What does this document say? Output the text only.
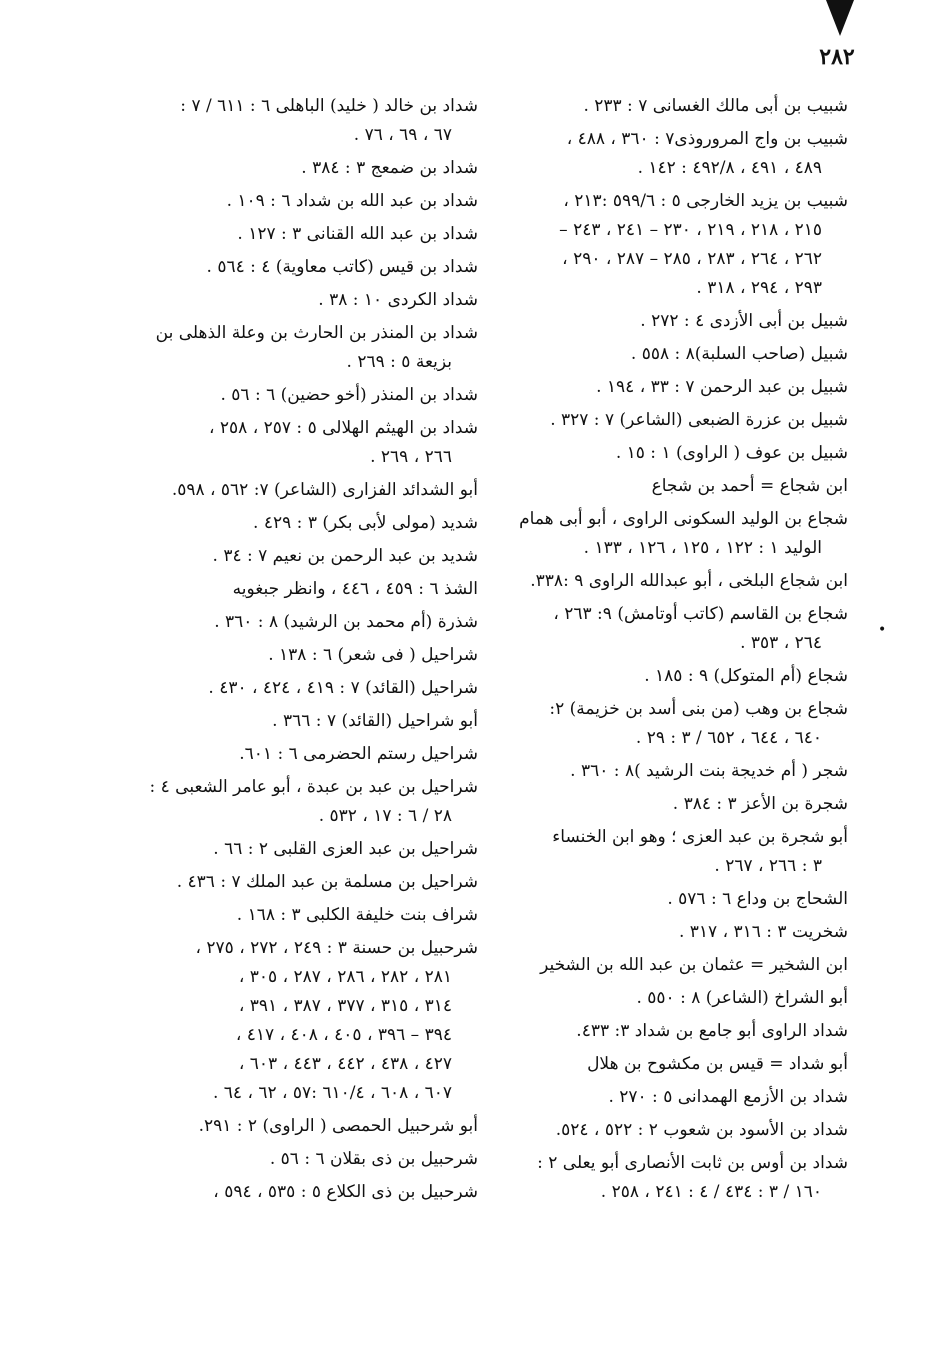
٢٨٢
•
شبيب بن أبى مالك الغسانى ٧ : ٢٣٣ .
شبيب بن واج المروروذى٧ : ٣٦٠ ، ٤٨٨ ،
٤٨٩ ، ٤٩١ ، ٤٩٢/٨ : ١٤٢ .
شبيب بن يزيد الخارجى ٥ : ٥٩٩/٦ :٢١٣ ،
٢١٥ ، ٢١٨ ، ٢١٩ ، ٢٣٠ – ٢٤١ ، ٢٤٣ –
٢٦٢ ، ٢٦٤ ، ٢٨٣ ، ٢٨٥ – ٢٨٧ ، ٢٩٠ ،
٢٩٣ ، ٢٩٤ ، ٣١٨ .
شبيل بن أبى الأزدى ٤ : ٢٧٢ .
شبيل (صاحب السلبة)٨ : ٥٥٨ .
شبيل بن عبد الرحمن ٧ : ٣٣ ، ١٩٤ .
شبيل بن عزرة الضبعى (الشاعر) ٧ : ٣٢٧ .
شبيل بن عوف ( الراوى) ١ : ١٥ .
ابن شجاع = أحمد بن شجاع
شجاع بن الوليد السكونى الراوى ، أبو أبى همام
الوليد ١ : ١٢٢ ، ١٢٥ ، ١٢٦ ، ١٣٣ .
ابن شجاع البلخى ، أبو عبدالله الراوى ٩ :٣٣٨.
شجاع بن القاسم (كاتب أوتامش) ٩: ٢٦٣ ،
٢٦٤ ، ٣٥٣ .
شجاع (أم المتوكل) ٩ : ١٨٥ .
شجاع بن وهب (من بنى أسد بن خزيمة) ٢:
٦٤٠ ، ٦٤٤ ، ٦٥٢ / ٣ : ٢٩ .
شجر ( أم خديجة بنت الرشيد )٨ : ٣٦٠ .
شجرة بن الأعز ٣ : ٣٨٤ .
أبو شجرة بن عبد العزى ؛ وهو ابن الخنساء
٣ : ٢٦٦ ، ٢٦٧ .
الشحاج بن وداع ٦ : ٥٧٦ .
شخريت ٣ : ٣١٦ ، ٣١٧ .
ابن الشخير = عثمان بن عبد الله بن الشخير
أبو الشراخ (الشاعر) ٨ : ٥٥٠ .
شداد الراوى أبو جامع بن شداد ٣: ٤٣٣.
أبو شداد = قيس بن مكشوح بن هلال
شداد بن الأزمع الهمدانى ٥ : ٢٧٠ .
شداد بن الأسود بن شعوب ٢ : ٥٢٢ ، ٥٢٤.
شداد بن أوس بن ثابت الأنصارى أبو يعلى ٢ :
١٦٠ / ٣ : ٤٣٤ / ٤ : ٢٤١ ، ٢٥٨ .
شداد بن خالد ( خليد) الباهلى ٦ : ٦١١ / ٧ :
٦٧ ، ٦٩ ، ٧٦ .
شداد بن ضمعج ٣ : ٣٨٤ .
شداد بن عبد الله بن شداد ٦ : ١٠٩ .
شداد بن عبد الله القنانى ٣ : ١٢٧ .
شداد بن قيس (كاتب معاوية) ٤ : ٥٦٤ .
شداد الكردى ١٠ : ٣٨ .
شداد بن المنذر بن الحارث بن وعلة الذهلى بن
بزيعة ٥ : ٢٦٩ .
شداد بن المنذر (أخو حضين) ٦ : ٥٦ .
شداد بن الهيثم الهلالى ٥ : ٢٥٧ ، ٢٥٨ ،
٢٦٦ ، ٢٦٩ .
أبو الشدائد الفزارى (الشاعر) ٧: ٥٦٢ ، ٥٩٨.
شديد (مولى لأبى بكر) ٣ : ٤٢٩ .
شديد بن عبد الرحمن بن نعيم ٧ : ٣٤ .
الشذ ٦ : ٤٥٩ ، ٤٤٦ ، وانظر جبغويه
شذرة (أم محمد بن الرشيد) ٨ : ٣٦٠ .
شراحيل ( فى شعر) ٦ : ١٣٨ .
شراحيل (القائد) ٧ : ٤١٩ ، ٤٢٤ ، ٤٣٠ .
أبو شراحيل (القائد) ٧ : ٣٦٦ .
شراحيل رستم الحضرمى ٦ : ٦٠١.
شراحيل بن عبد بن عبدة ، أبو عامر الشعبى ٤ :
٢٨ / ٦ : ١٧ ، ٥٣٢ .
شراحيل بن عبد العزى القلبى ٢ : ٦٦ .
شراحيل بن مسلمة بن عبد الملك ٧ : ٤٣٦ .
شراف بنت خليفة الكلبى ٣ : ١٦٨ .
شرحبيل بن حسنة ٣ : ٢٤٩ ، ٢٧٢ ، ٢٧٥ ،
٢٨١ ، ٢٨٢ ، ٢٨٦ ، ٢٨٧ ، ٣٠٥ ،
٣١٤ ، ٣١٥ ، ٣٧٧ ، ٣٨٧ ، ٣٩١ ،
٣٩٤ – ٣٩٦ ، ٤٠٥ ، ٤٠٨ ، ٤١٧ ،
٤٢٧ ، ٤٣٨ ، ٤٤٢ ، ٤٤٣ ، ٦٠٣ ،
٦٠٧ ، ٦٠٨ ، ٦١٠/٤ :٥٧ ، ٦٢ ، ٦٤ .
أبو شرحبيل الحمصى ( الراوى) ٢ : ٢٩١.
شرحبيل بن ذى بقلان ٦ : ٥٦ .
شرحبيل بن ذى الكلاع ٥ : ٥٣٥ ، ٥٩٤ ،
